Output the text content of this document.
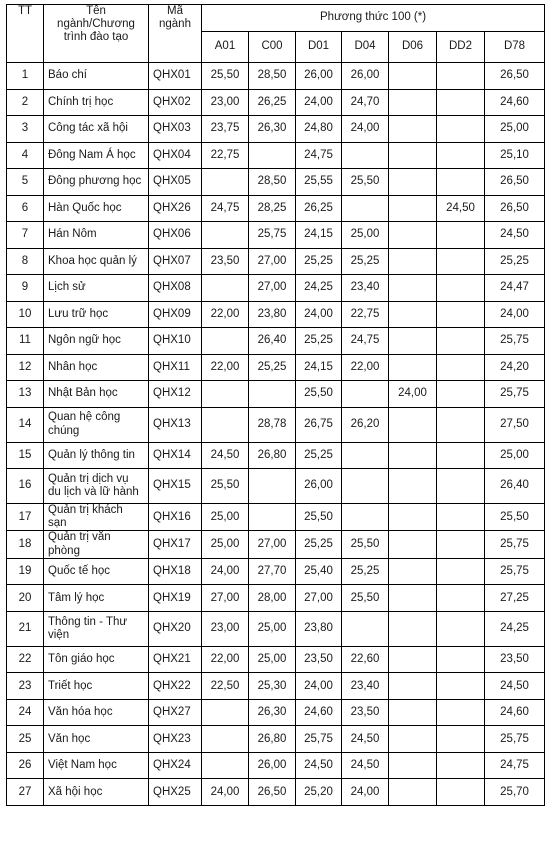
TT	Tên ngành/Chương trình đào tạo	Mã ngành	Phương thức 100 (*)						
			A01	C00	D01	D04	D06	DD2	D78
1	Báo chí	QHX01	25,50	28,50	26,00	26,00			26,50
2	Chính trị học	QHX02	23,00	26,25	24,00	24,70			24,60
3	Công tác xã hội	QHX03	23,75	26,30	24,80	24,00			25,00
4	Đông Nam Á học	QHX04	22,75		24,75				25,10
5	Đông phương học	QHX05		28,50	25,55	25,50			26,50
6	Hàn Quốc học	QHX26	24,75	28,25	26,25			24,50	26,50
7	Hán Nôm	QHX06		25,75	24,15	25,00			24,50
8	Khoa học quản lý	QHX07	23,50	27,00	25,25	25,25			25,25
9	Lịch sử	QHX08		27,00	24,25	23,40			24,47
10	Lưu trữ học	QHX09	22,00	23,80	24,00	22,75			24,00
11	Ngôn ngữ học	QHX10		26,40	25,25	24,75			25,75
12	Nhân học	QHX11	22,00	25,25	24,15	22,00			24,20
13	Nhật Bản học	QHX12			25,50		24,00		25,75
14	Quan hệ công chúng	QHX13		28,78	26,75	26,20			27,50
15	Quản lý thông tin	QHX14	24,50	26,80	25,25				25,00
16	Quản trị dịch vụ du lịch và lữ hành	QHX15	25,50		26,00				26,40
17	Quản trị khách sạn	QHX16	25,00		25,50				25,50
18	Quản trị văn phòng	QHX17	25,00	27,00	25,25	25,50			25,75
19	Quốc tế học	QHX18	24,00	27,70	25,40	25,25			25,75
20	Tâm lý học	QHX19	27,00	28,00	27,00	25,50			27,25
21	Thông tin - Thư viện	QHX20	23,00	25,00	23,80				24,25
22	Tôn giáo học	QHX21	22,00	25,00	23,50	22,60			23,50
23	Triết học	QHX22	22,50	25,30	24,00	23,40			24,50
24	Văn hóa học	QHX27		26,30	24,60	23,50			24,60
25	Văn học	QHX23		26,80	25,75	24,50			25,75
26	Việt Nam học	QHX24		26,00	24,50	24,50			24,75
27	Xã hội học	QHX25	24,00	26,50	25,20	24,00			25,70
